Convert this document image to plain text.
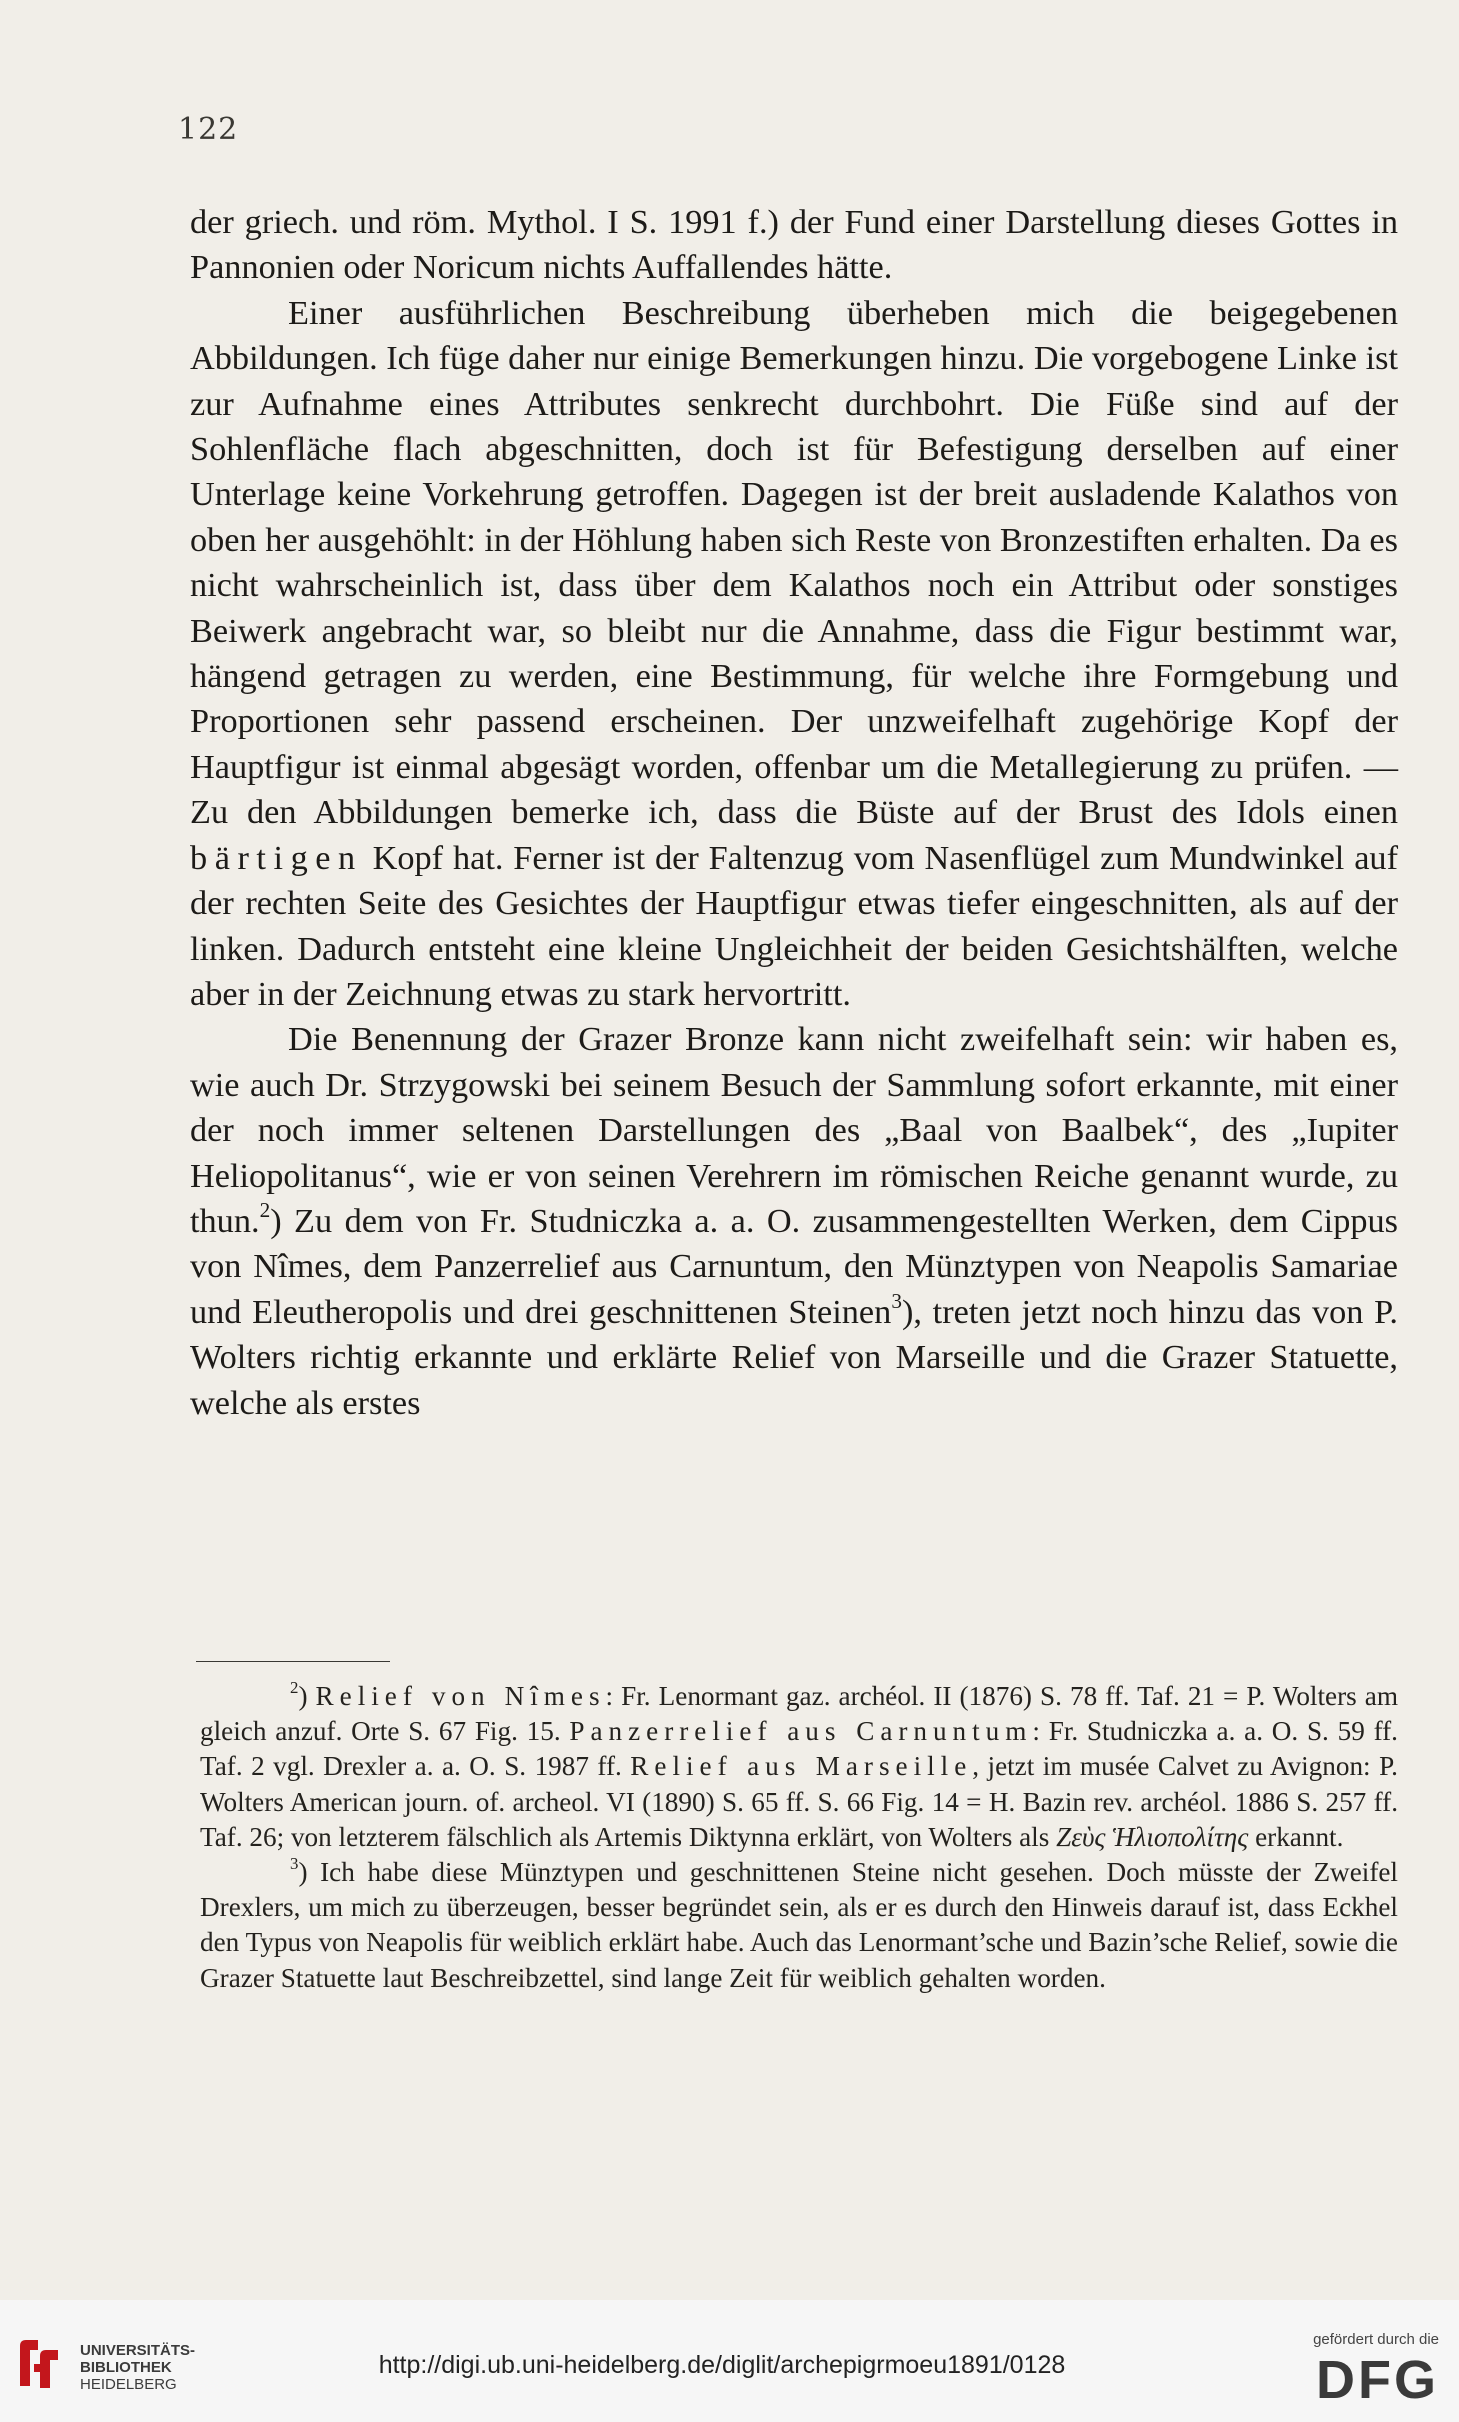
122

der griech. und röm. Mythol. I S. 1991 f.) der Fund einer Darstellung dieses Gottes in Pannonien oder Noricum nichts Auffallendes hätte.

Einer ausführlichen Beschreibung überheben mich die beigegebenen Abbildungen. Ich füge daher nur einige Bemerkungen hinzu. Die vorgebogene Linke ist zur Aufnahme eines Attributes senkrecht durchbohrt. Die Füße sind auf der Sohlenfläche flach abgeschnitten, doch ist für Befestigung derselben auf einer Unterlage keine Vorkehrung getroffen. Dagegen ist der breit ausladende Kalathos von oben her ausgehöhlt: in der Höhlung haben sich Reste von Bronzestiften erhalten. Da es nicht wahrscheinlich ist, dass über dem Kalathos noch ein Attribut oder sonstiges Beiwerk angebracht war, so bleibt nur die Annahme, dass die Figur bestimmt war, hängend getragen zu werden, eine Bestimmung, für welche ihre Formgebung und Proportionen sehr passend erscheinen. Der unzweifelhaft zugehörige Kopf der Hauptfigur ist einmal abgesägt worden, offenbar um die Metallegierung zu prüfen. — Zu den Abbildungen bemerke ich, dass die Büste auf der Brust des Idols einen bärtigen Kopf hat. Ferner ist der Faltenzug vom Nasenflügel zum Mundwinkel auf der rechten Seite des Gesichtes der Hauptfigur etwas tiefer eingeschnitten, als auf der linken. Dadurch entsteht eine kleine Ungleichheit der beiden Gesichtshälften, welche aber in der Zeichnung etwas zu stark hervortritt.

Die Benennung der Grazer Bronze kann nicht zweifelhaft sein: wir haben es, wie auch Dr. Strzygowski bei seinem Besuch der Sammlung sofort erkannte, mit einer der noch immer seltenen Darstellungen des „Baal von Baalbek“, des „Iupiter Heliopolitanus“, wie er von seinen Verehrern im römischen Reiche genannt wurde, zu thun.$^2$) Zu dem von Fr. Studniczka a. a. O. zusammengestellten Werken, dem Cippus von Nîmes, dem Panzerrelief aus Carnuntum, den Münztypen von Neapolis Samariae und Eleutheropolis und drei geschnittenen Steinen$^3$), treten jetzt noch hinzu das von P. Wolters richtig erkannte und erklärte Relief von Marseille und die Grazer Statuette, welche als erstes

$^2$) Relief von Nîmes: Fr. Lenormant gaz. archéol. II (1876) S. 78 ff. Taf. 21 = P. Wolters am gleich anzuf. Orte S. 67 Fig. 15. Panzerrelief aus Carnuntum: Fr. Studniczka a. a. O. S. 59 ff. Taf. 2 vgl. Drexler a. a. O. S. 1987 ff. Relief aus Marseille, jetzt im musée Calvet zu Avignon: P. Wolters American journ. of. archeol. VI (1890) S. 65 ff. S. 66 Fig. 14 = H. Bazin rev. archéol. 1886 S. 257 ff. Taf. 26; von letzterem fälschlich als Artemis Diktynna erklärt, von Wolters als Ζεὺς Ἡλιοπολίτης erkannt.

$^3$) Ich habe diese Münztypen und geschnittenen Steine nicht gesehen. Doch müsste der Zweifel Drexlers, um mich zu überzeugen, besser begründet sein, als er es durch den Hinweis darauf ist, dass Eckhel den Typus von Neapolis für weiblich erklärt habe. Auch das Lenormant’sche und Bazin’sche Relief, sowie die Grazer Statuette laut Beschreibzettel, sind lange Zeit für weiblich gehalten worden.

UNIVERSITÄTS-
BIBLIOTHEK
HEIDELBERG
http://digi.ub.uni-heidelberg.de/diglit/archepigrmoeu1891/0128
gefördert durch die
DFG
